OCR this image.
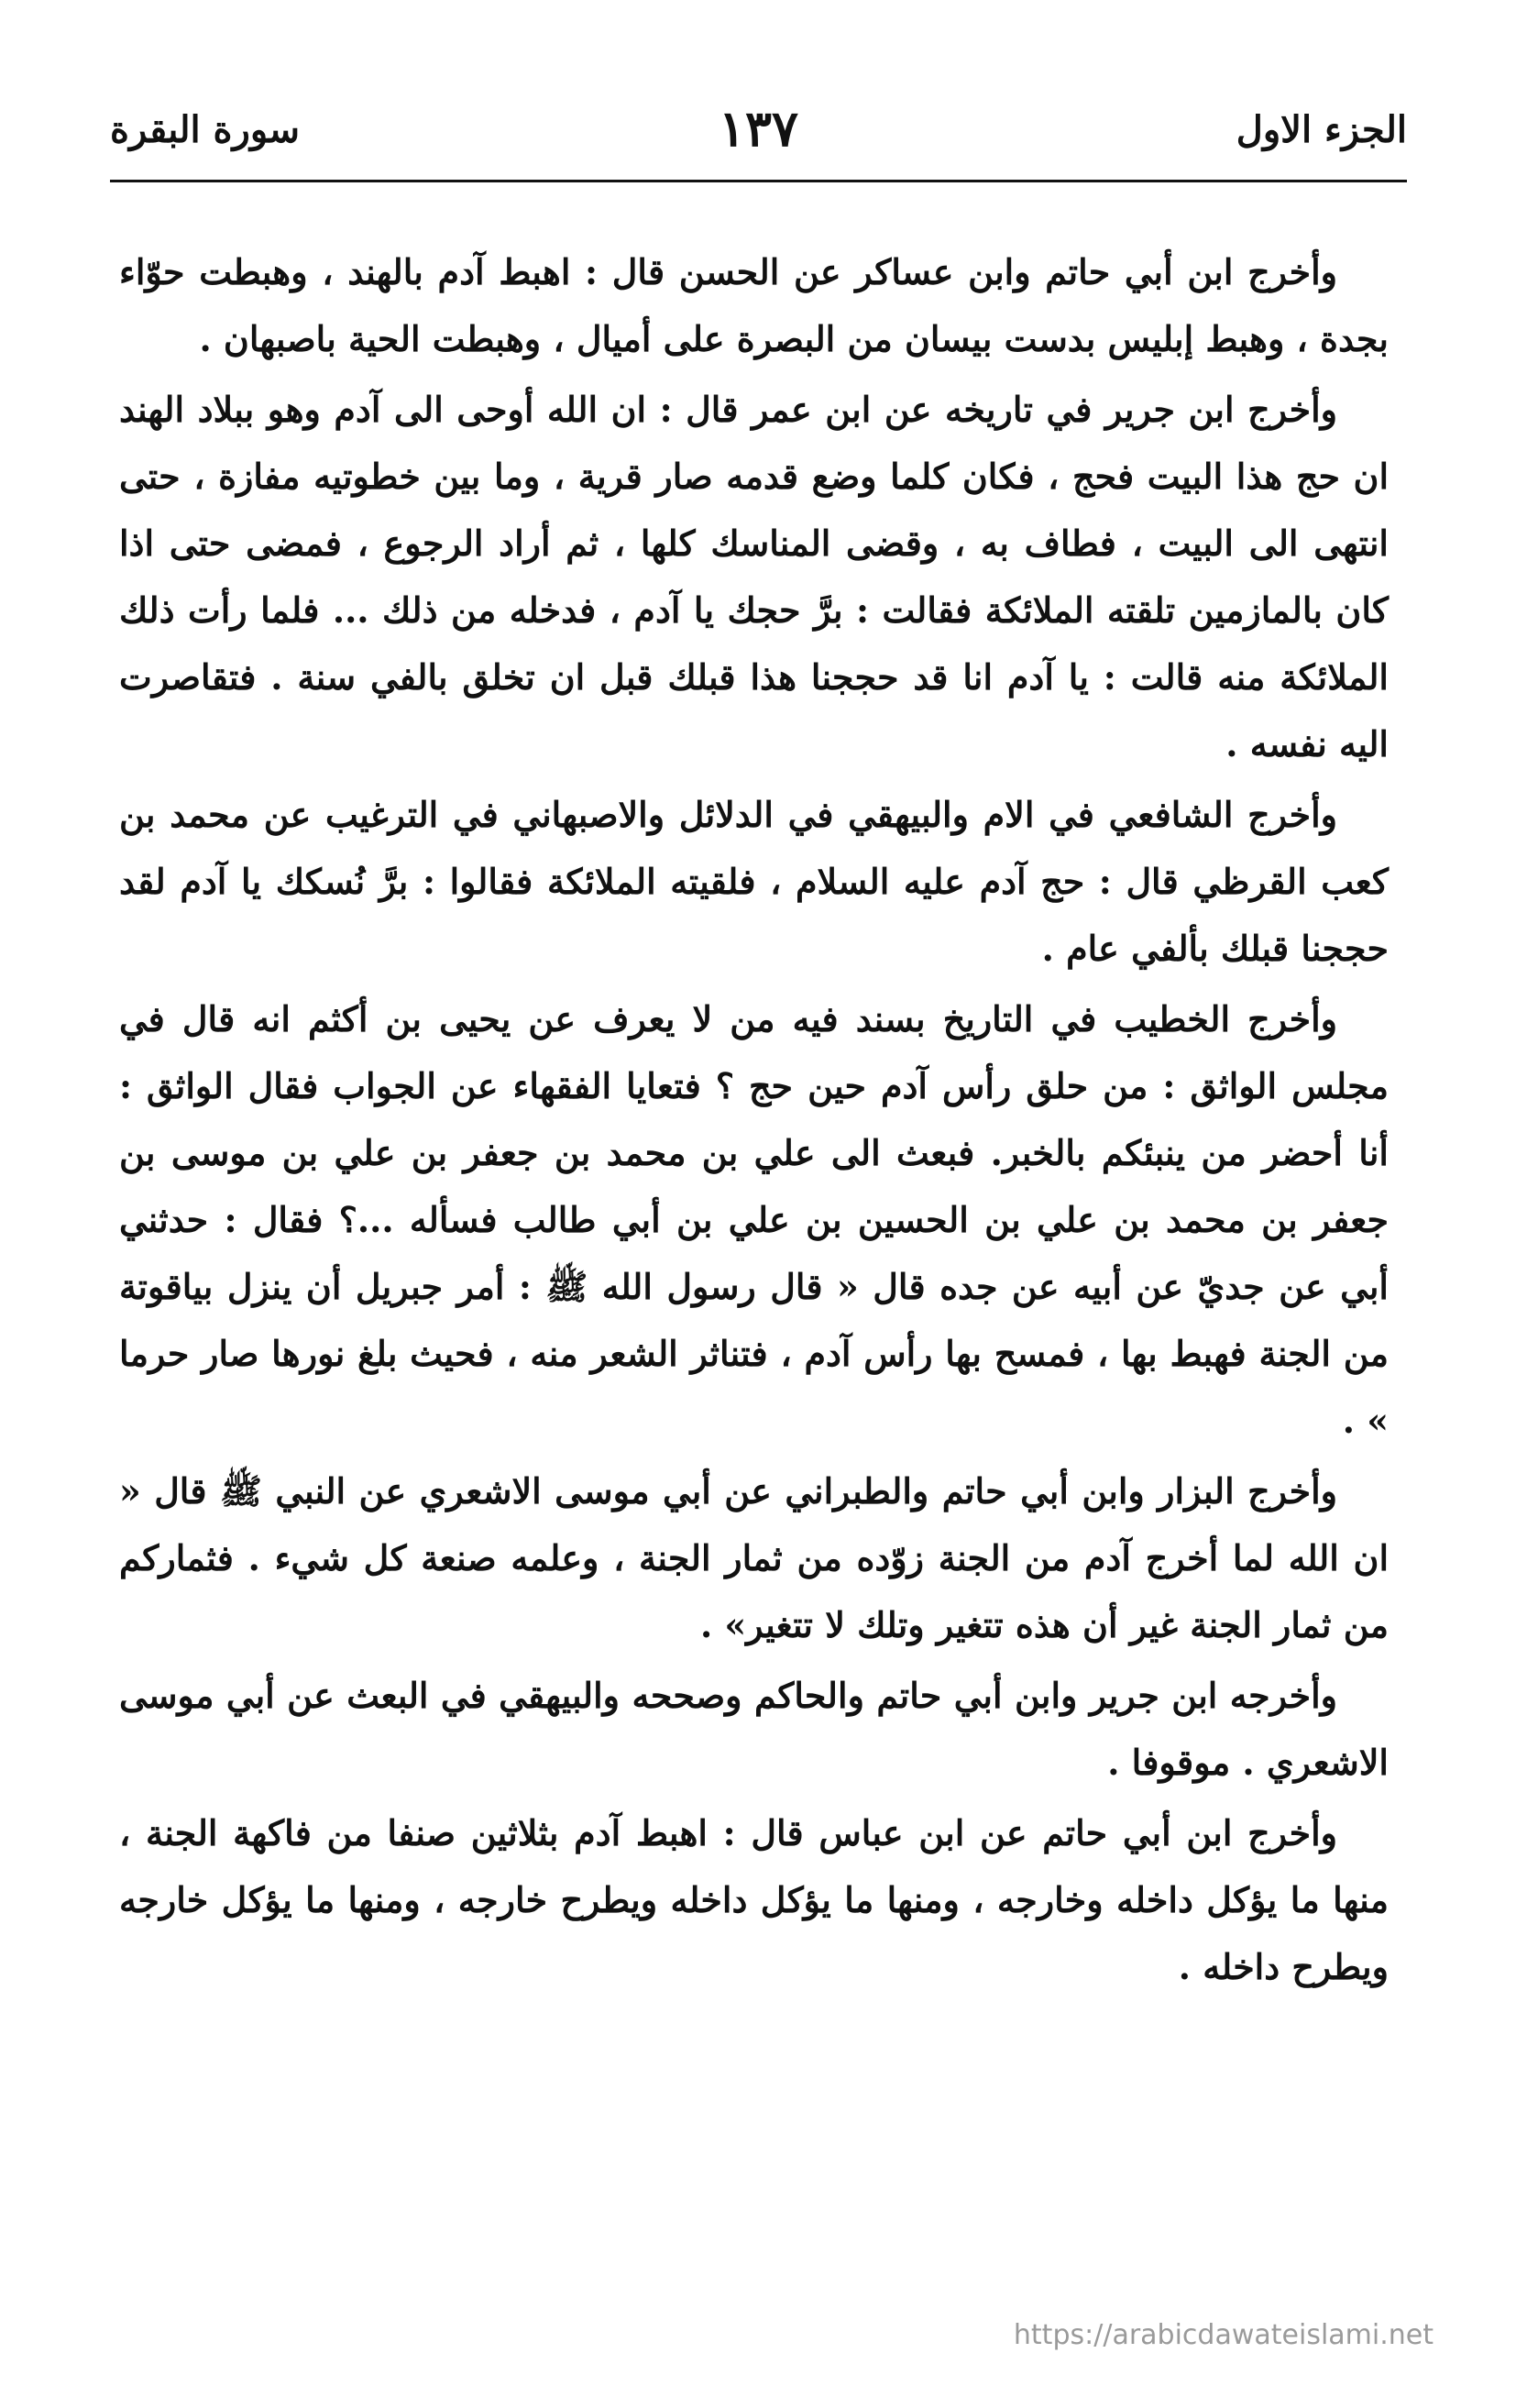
الجزء الاول
١٣٧
سورة البقرة

وأخرج ابن أبي حاتم وابن عساكر عن الحسن قال : اهبط آدم بالهند ، وهبطت حوّاء بجدة ، وهبط إبليس بدست بيسان من البصرة على أميال ، وهبطت الحية باصبهان .

وأخرج ابن جرير في تاريخه عن ابن عمر قال : ان الله أوحى الى آدم وهو ببلاد الهند ان حج هذا البيت فحج ، فكان كلما وضع قدمه صار قرية ، وما بين خطوتيه مفازة ، حتى انتهى الى البيت ، فطاف به ، وقضى المناسك كلها ، ثم أراد الرجوع ، فمضى حتى اذا كان بالمازمين تلقته الملائكة فقالت : برَّ حجك يا آدم ، فدخله من ذلك ... فلما رأت ذلك الملائكة منه قالت : يا آدم انا قد حججنا هذا قبلك قبل ان تخلق بالفي سنة . فتقاصرت اليه نفسه .

وأخرج الشافعي في الام والبيهقي في الدلائل والاصبهاني في الترغيب عن محمد بن كعب القرظي قال : حج آدم عليه السلام ، فلقيته الملائكة فقالوا : برَّ نُسكك يا آدم لقد حججنا قبلك بألفي عام .

وأخرج الخطيب في التاريخ بسند فيه من لا يعرف عن يحيى بن أكثم انه قال في مجلس الواثق : من حلق رأس آدم حين حج ؟ فتعايا الفقهاء عن الجواب فقال الواثق : أنا أحضر من ينبئكم بالخبر. فبعث الى علي بن محمد بن جعفر بن علي بن موسى بن جعفر بن محمد بن علي بن الحسين بن علي بن أبي طالب فسأله ...؟ فقال : حدثني أبي عن جديّ عن أبيه عن جده قال « قال رسول الله ﷺ : أمر جبريل أن ينزل بياقوتة من الجنة فهبط بها ، فمسح بها رأس آدم ، فتناثر الشعر منه ، فحيث بلغ نورها صار حرما » .

وأخرج البزار وابن أبي حاتم والطبراني عن أبي موسى الاشعري عن النبي ﷺ قال « ان الله لما أخرج آدم من الجنة زوّده من ثمار الجنة ، وعلمه صنعة كل شيء . فثماركم من ثمار الجنة غير أن هذه تتغير وتلك لا تتغير» .

وأخرجه ابن جرير وابن أبي حاتم والحاكم وصححه والبيهقي في البعث عن أبي موسى الاشعري . موقوفا .

وأخرج ابن أبي حاتم عن ابن عباس قال : اهبط آدم بثلاثين صنفا من فاكهة الجنة ، منها ما يؤكل داخله وخارجه ، ومنها ما يؤكل داخله ويطرح خارجه ، ومنها ما يؤكل خارجه ويطرح داخله .

https://arabicdawateislami.net
